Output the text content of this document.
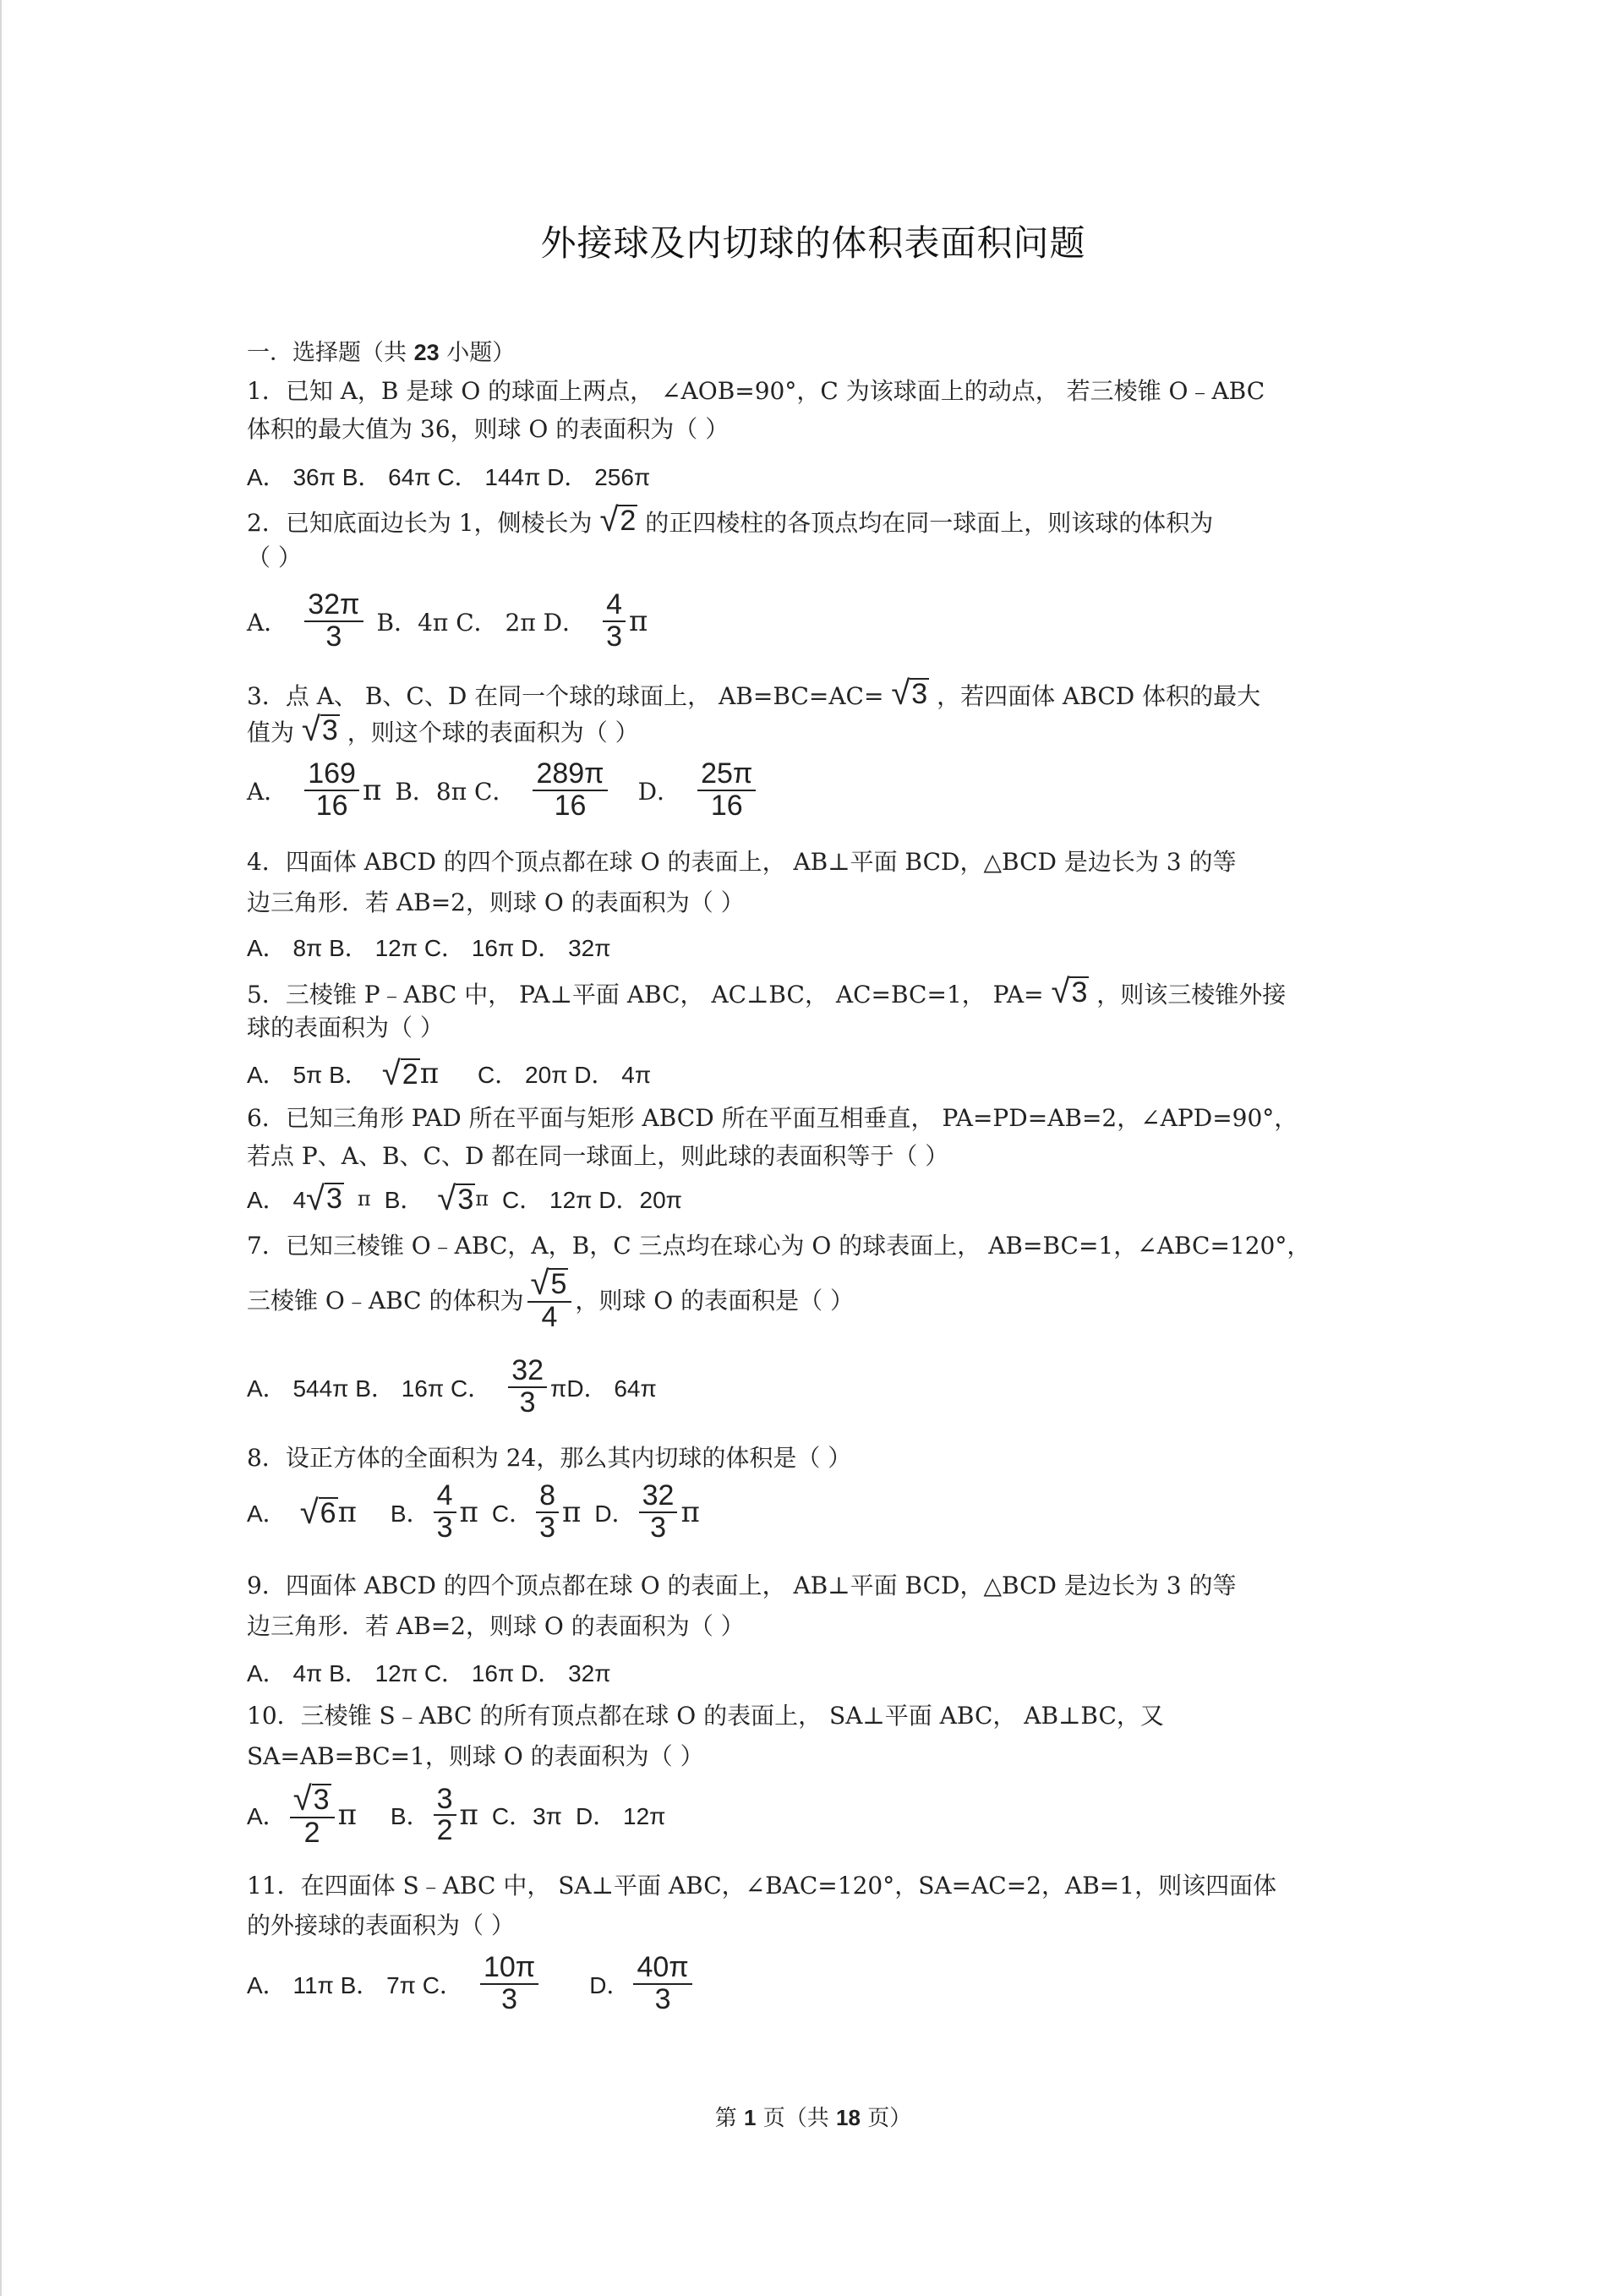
外接球及内切球的体积表面积问题
一．选择题（共 23 小题）
1．已知 A，B 是球 O 的球面上两点， ∠AOB=90°，C 为该球面上的动点， 若三棱锥 O﹣ABC
体积的最大值为 36，则球 O 的表面积为（ ）
A． 36π B． 64π C． 144π D． 256π
2．已知底面边长为 1，侧棱长为 √ 2 的正四棱柱的各顶点均在同一球面上，则该球的体积为
（ ）
A． $\frac{32\pi}{3}$ B．4π C． 2π D． $\frac{4}{3}$ π
3．点 A、 B、C、D 在同一个球的球面上， AB=BC=AC= √ 3 ，若四面体 ABCD 体积的最大
值为 √ 3 ，则这个球的表面积为（ ）
A． $\frac{169}{16}$ π B．8π C． $\frac{289\pi}{16}$ D． $\frac{25\pi}{16}$
4．四面体 ABCD 的四个顶点都在球 O 的表面上， AB⊥平面 BCD，△BCD 是边长为 3 的等
边三角形．若 AB=2，则球 O 的表面积为（ ）
A． 8π B． 12π C． 16π D． 32π
5．三棱锥 P﹣ABC 中， PA⊥平面 ABC， AC⊥BC， AC=BC=1， PA= √ 3 ，则该三棱锥外接
球的表面积为（ ）
A． 5π B． √ 2 π C． 20π D． 4π
6．已知三角形 PAD 所在平面与矩形 ABCD 所在平面互相垂直， PA=PD=AB=2，∠APD=90°，
若点 P、A、B、C、D 都在同一球面上，则此球的表面积等于（ ）
A． 4 √ 3 π B． √ 3 π C． 12π D．20π
7．已知三棱锥 O﹣ABC，A，B，C 三点均在球心为 O 的球表面上， AB=BC=1，∠ABC=120°，
三棱锥 O﹣ABC 的体积为 $\frac{√ 5}{4}$ ，则球 O 的表面积是（ ）
A． 544π B． 16π C． $\frac{32}{3}$ πD． 64π
8．设正方体的全面积为 24，那么其内切球的体积是（ ）
A． √ 6 π B． $\frac{4}{3}$ π C． $\frac{8}{3}$ π D． $\frac{32}{3}$ π
9．四面体 ABCD 的四个顶点都在球 O 的表面上， AB⊥平面 BCD，△BCD 是边长为 3 的等
边三角形．若 AB=2，则球 O 的表面积为（ ）
A． 4π B． 12π C． 16π D． 32π
10．三棱锥 S﹣ABC 的所有顶点都在球 O 的表面上， SA⊥平面 ABC， AB⊥BC，又
SA=AB=BC=1，则球 O 的表面积为（ ）
A． $\frac{√ 3}{2}$ π B． $\frac{3}{2}$ π C．3π D． 12π
11．在四面体 S﹣ABC 中， SA⊥平面 ABC，∠BAC=120°，SA=AC=2，AB=1，则该四面体
的外接球的表面积为（ ）
A． 11π B． 7π C． $\frac{10\pi}{3}$ D． $\frac{40\pi}{3}$
第 1 页（共 18 页）
